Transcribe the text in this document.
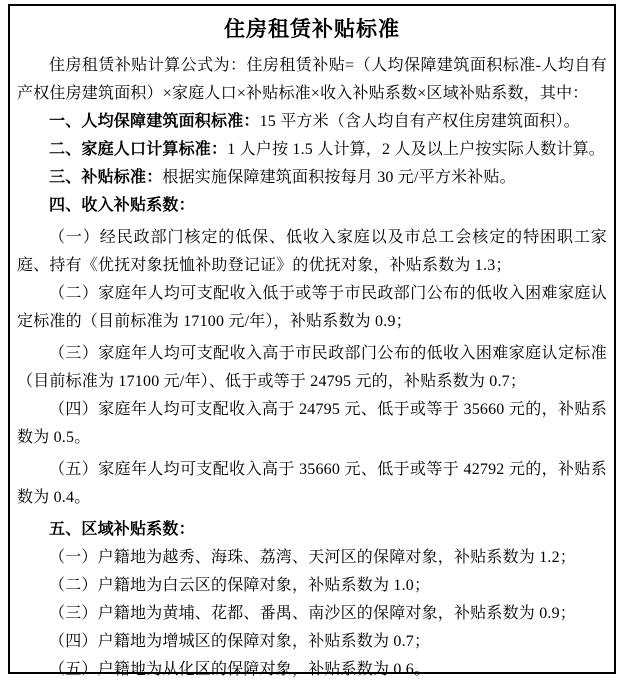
住房租赁补贴标准

住房租赁补贴计算公式为：住房租赁补贴=（人均保障建筑面积标准-人均自有产权住房建筑面积）×家庭人口×补贴标准×收入补贴系数×区域补贴系数，其中：

一、人均保障建筑面积标准：15 平方米（含人均自有产权住房建筑面积）。

二、家庭人口计算标准：1 人户按 1.5 人计算，2 人及以上户按实际人数计算。

三、补贴标准：根据实施保障建筑面积按每月 30 元/平方米补贴。

四、收入补贴系数：

（一）经民政部门核定的低保、低收入家庭以及市总工会核定的特困职工家庭、持有《优抚对象抚恤补助登记证》的优抚对象，补贴系数为 1.3；

（二）家庭年人均可支配收入低于或等于市民政部门公布的低收入困难家庭认定标准的（目前标准为 17100 元/年），补贴系数为 0.9；

（三）家庭年人均可支配收入高于市民政部门公布的低收入困难家庭认定标准（目前标准为 17100 元/年）、低于或等于 24795 元的，补贴系数为 0.7；

（四）家庭年人均可支配收入高于 24795 元、低于或等于 35660 元的，补贴系数为 0.5。

（五）家庭年人均可支配收入高于 35660 元、低于或等于 42792 元的，补贴系数为 0.4。

五、区域补贴系数：

（一）户籍地为越秀、海珠、荔湾、天河区的保障对象，补贴系数为 1.2；

（二）户籍地为白云区的保障对象，补贴系数为 1.0；

（三）户籍地为黄埔、花都、番禺、南沙区的保障对象，补贴系数为 0.9；

（四）户籍地为增城区的保障对象，补贴系数为 0.7；

（五）户籍地为从化区的保障对象，补贴系数为 0.6。
